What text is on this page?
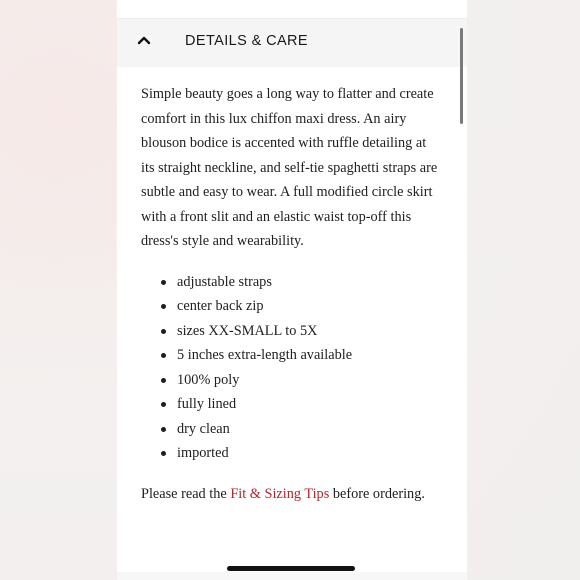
DETAILS & CARE

Simple beauty goes a long way to flatter and create comfort in this lux chiffon maxi dress. An airy blouson bodice is accented with ruffle detailing at its straight neckline, and self-tie spaghetti straps are subtle and easy to wear. A full modified circle skirt with a front slit and an elastic waist top-off this dress's style and wearability.

adjustable straps
center back zip
sizes XX-SMALL to 5X
5 inches extra-length available
100% poly
fully lined
dry clean
imported

Please read the Fit & Sizing Tips before ordering.
